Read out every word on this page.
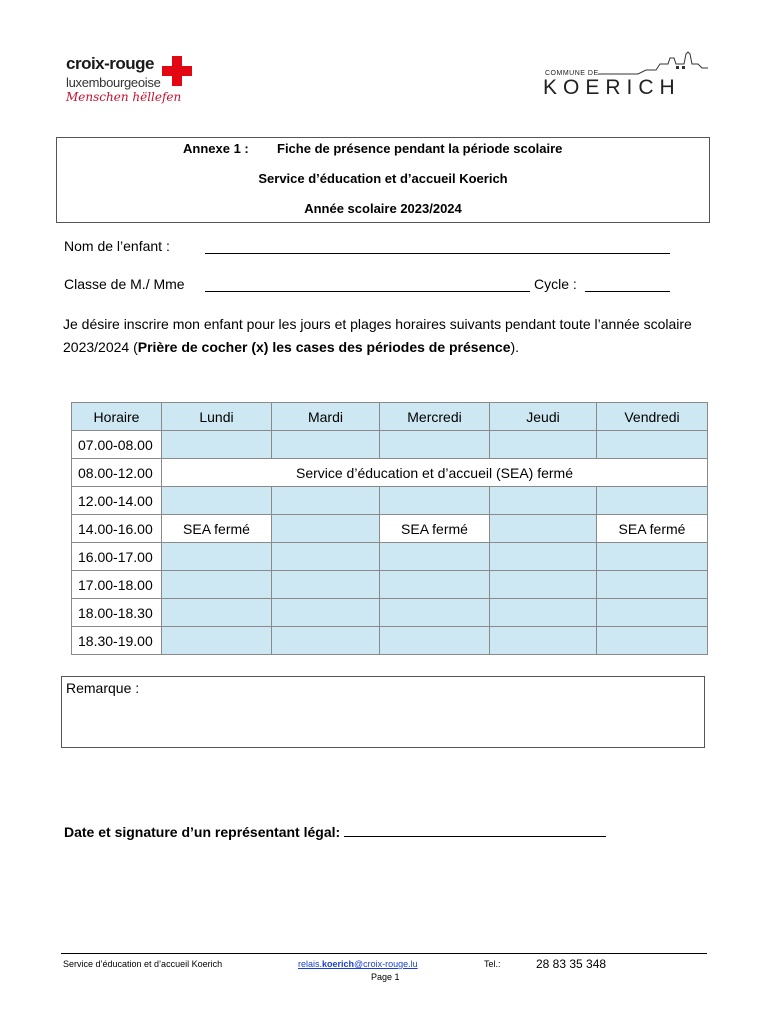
croix-rouge
luxembourgeoise
Menschen hëllefen
COMMUNE DE
KOERICH
Annexe 1 : Fiche de présence pendant la période scolaire
Service d’éducation et d’accueil Koerich
Année scolaire 2023/2024
Nom de l’enfant :
Classe de M./ Mme	Cycle :
Je désire inscrire mon enfant pour les jours et plages horaires suivants pendant toute l’année scolaire 2023/2024 (Prière de cocher (x) les cases des périodes de présence).
Horaire	Lundi	Mardi	Mercredi	Jeudi	Vendredi
07.00-08.00					
08.00-12.00	Service d’éducation et d’accueil (SEA) fermé				
12.00-14.00					
14.00-16.00	SEA fermé		SEA fermé		SEA fermé
16.00-17.00					
17.00-18.00					
18.00-18.30					
18.30-19.00					
Remarque :
Date et signature d’un représentant légal:
Service d’éducation et d’accueil Koerich	relais.koerich@croix-rouge.lu
Page 1
Tel.:	28 83 35 348
